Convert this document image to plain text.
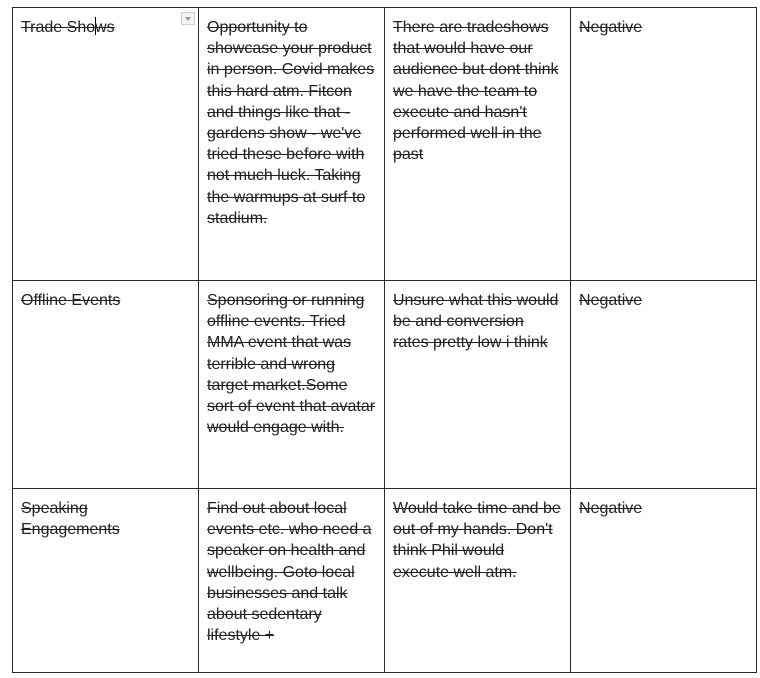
Trade Shows	Opportunity to showcase your product in person. Covid makes this hard atm. Fitcon and things like that - gardens show - we've tried these before with not much luck. Taking the warmups at surf to stadium.	There are tradeshows that would have our audience but dont think we have the team to execute and hasn't performed well in the past	Negative
Offline Events	Sponsoring or running offline events. Tried MMA event that was terrible and wrong target market.Some sort of event that avatar would engage with.	Unsure what this would be and conversion rates pretty low i think	Negative
Speaking Engagements	Find out about local events etc. who need a speaker on health and wellbeing. Goto local businesses and talk about sedentary lifestyle +	Would take time and be out of my hands. Don't think Phil would execute well atm.	Negative
